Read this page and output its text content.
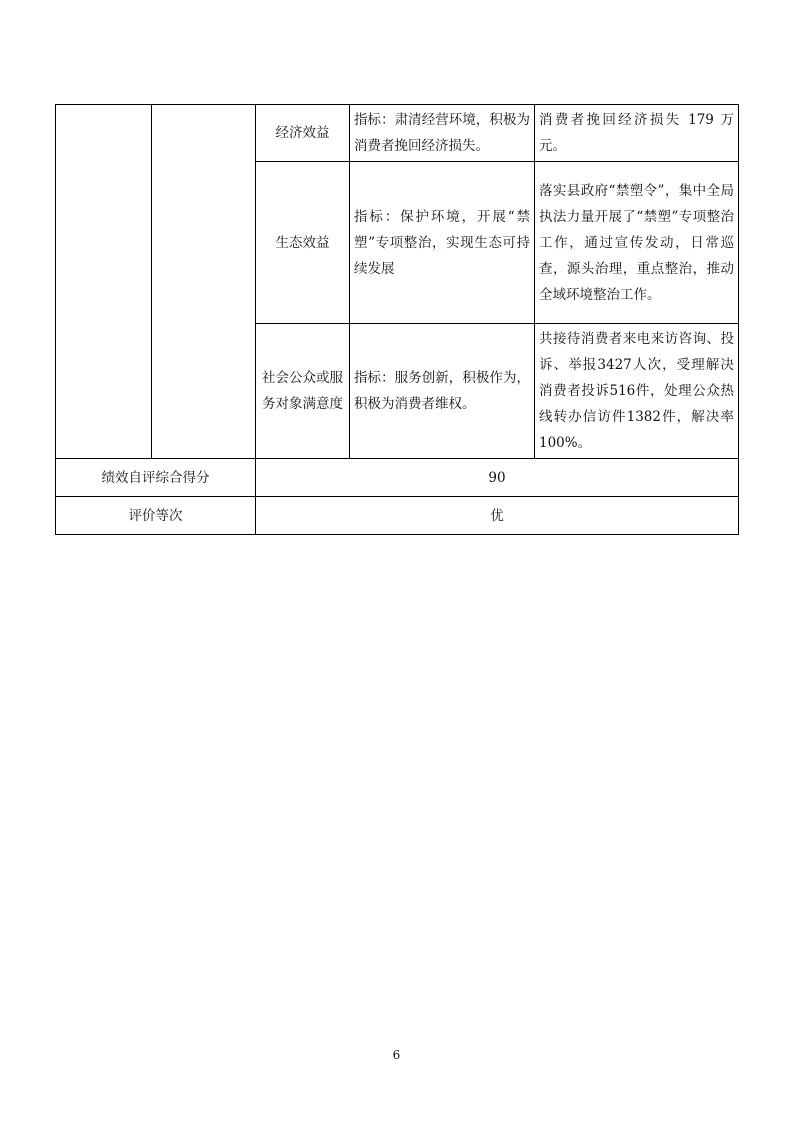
		经济效益	指标：肃清经营环境，积极为消费者挽回经济损失。	消费者挽回经济损失 179 万元。
		生态效益	指标：保护环境，开展“禁塑”专项整治，实现生态可持续发展	落实县政府“禁塑令”，集中全局执法力量开展了“禁塑”专项整治工作，通过宣传发动，日常巡查，源头治理，重点整治，推动全域环境整治工作。
		社会公众或服务对象满意度	指标：服务创新，积极作为，积极为消费者维权。	共接待消费者来电来访咨询、投诉、举报3427人次，受理解决消费者投诉516件，处理公众热线转办信访件1382件，解决率100%。
绩效自评综合得分		90		
评价等次		优		
6
